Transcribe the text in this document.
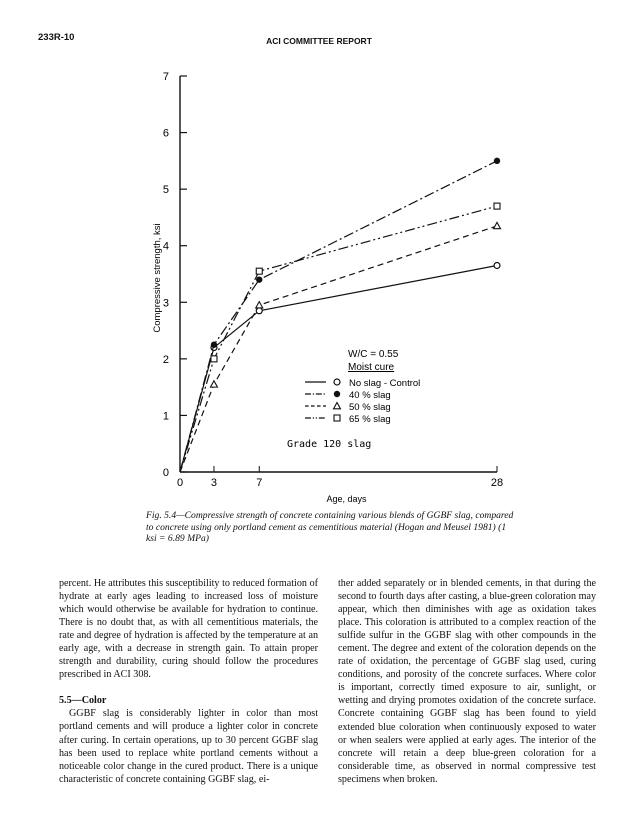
233R-10	ACI COMMITTEE REPORT
0
1
2
3
4
5
6
7
0	3	7	28
Age, days
Compressive strength, ksi
W/C = 0.55
Moist cure
No slag - Control
40 % slag
50 % slag
65 % slag
Grade 120 slag
Fig. 5.4—Compressive strength of concrete containing various blends of GGBF slag, compared to concrete using only portland cement as cementitious material (Hogan and Meusel 1981) (1 ksi = 6.89 MPa)

percent. He attributes this susceptibility to reduced formation of hydrate at early ages leading to increased loss of moisture which would otherwise be available for hydration to continue. There is no doubt that, as with all cementitious materials, the rate and degree of hydration is affected by the temperature at an early age, with a decrease in strength gain. To attain proper strength and durability, curing should follow the procedures prescribed in ACI 308.

5.5—Color

GGBF slag is considerably lighter in color than most portland cements and will produce a lighter color in concrete after curing. In certain operations, up to 30 percent GGBF slag has been used to replace white portland cements without a noticeable color change in the cured product. There is a unique characteristic of concrete containing GGBF slag, ei-

ther added separately or in blended cements, in that during the second to fourth days after casting, a blue-green coloration may appear, which then diminishes with age as oxidation takes place. This coloration is attributed to a complex reaction of the sulfide sulfur in the GGBF slag with other compounds in the cement. The degree and extent of the coloration depends on the rate of oxidation, the percentage of GGBF slag used, curing conditions, and porosity of the concrete surfaces. Where color is important, correctly timed exposure to air, sunlight, or wetting and drying promotes oxidation of the concrete surface. Concrete containing GGBF slag has been found to yield extended blue coloration when continuously exposed to water or when sealers were applied at early ages. The interior of the concrete will retain a deep blue-green coloration for a considerable time, as observed in normal compressive test specimens when broken.
